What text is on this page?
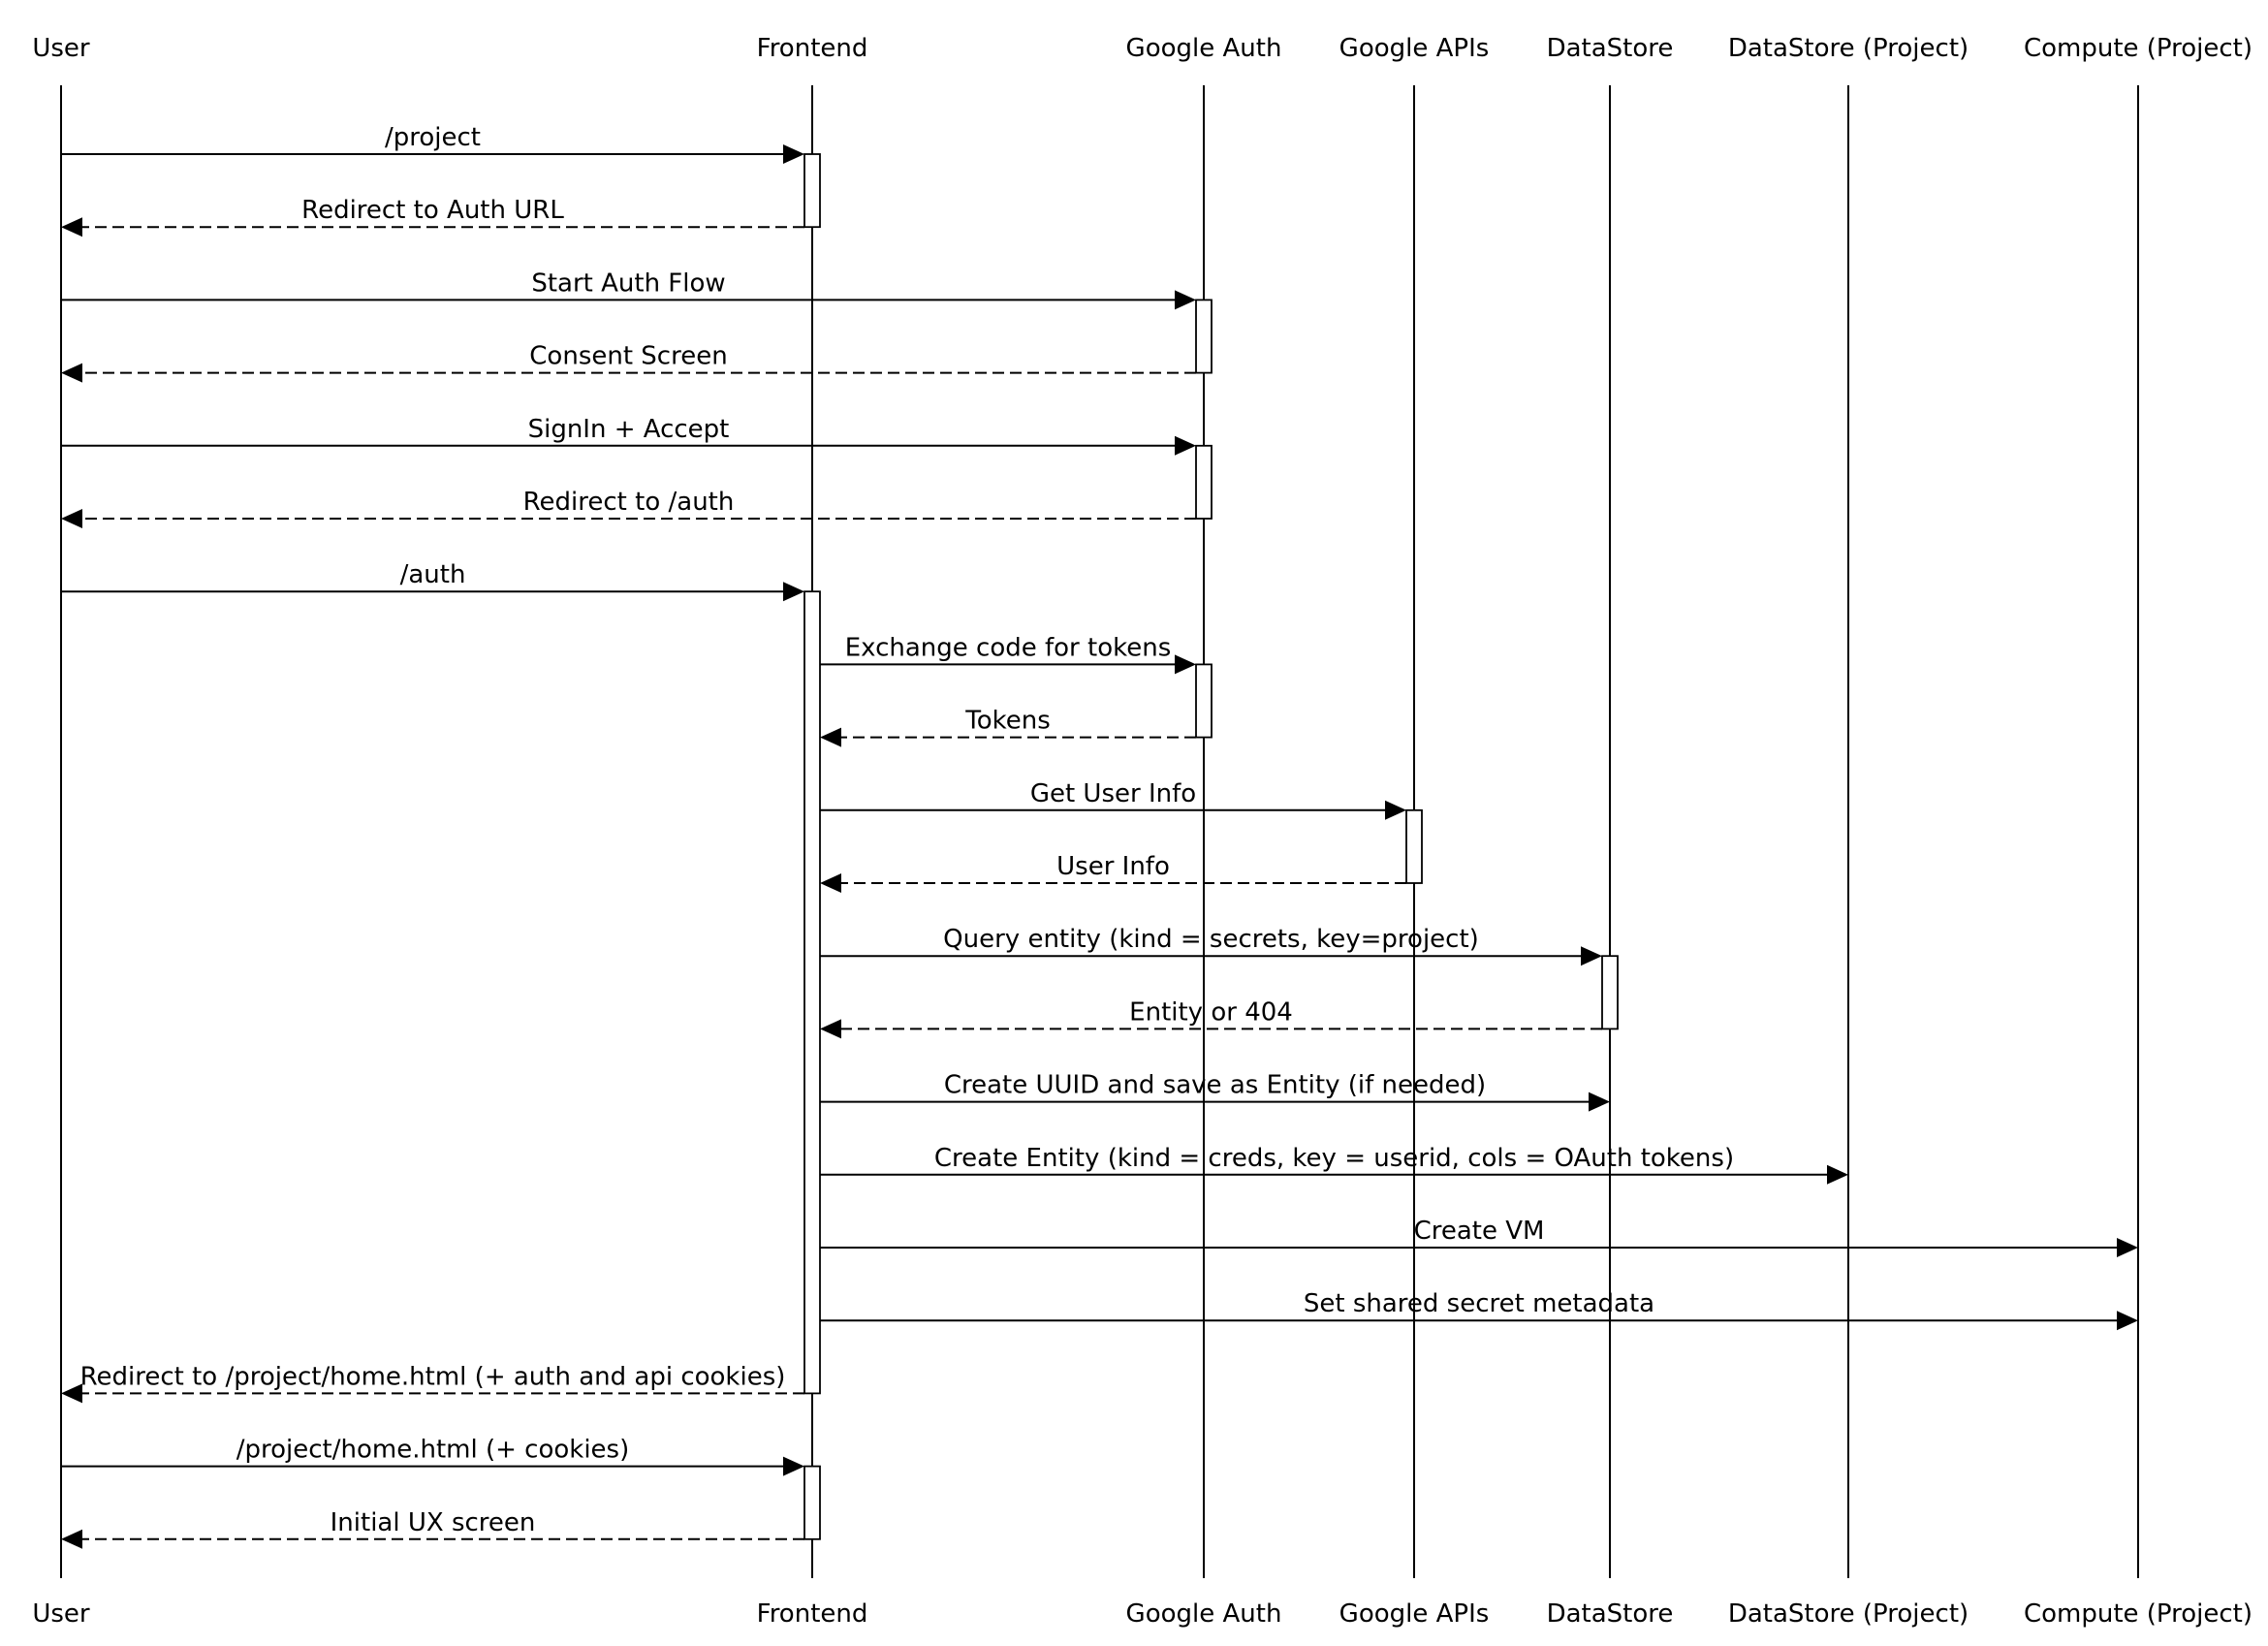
/project
Redirect to Auth URL
Start Auth Flow
Consent Screen
SignIn + Accept
Redirect to /auth
/auth
Exchange code for tokens
Tokens
Get User Info
User Info
Query entity (kind = secrets, key=project)
Entity or 404
Create UUID and save as Entity (if needed)
Create Entity (kind = creds, key = userid, cols = OAuth tokens)
Create VM
Set shared secret metadata
Redirect to /project/home.html (+ auth and api cookies)
/project/home.html (+ cookies)
Initial UX screen
User	Frontend	Google Auth Google APIs DataStore DataStore (Project) Compute (Project)
User	Frontend	Google Auth Google APIs DataStore DataStore (Project) Compute (Project)
